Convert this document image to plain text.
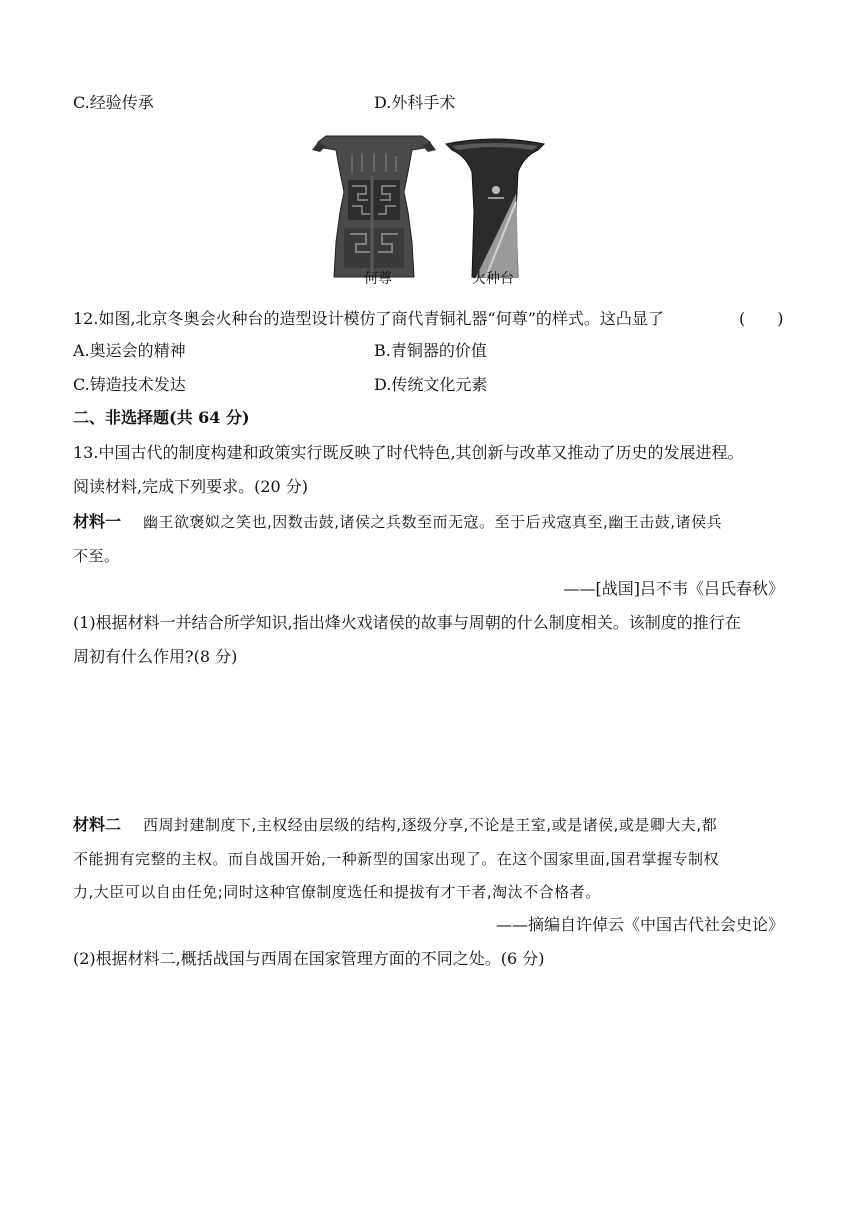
C.经验传承	D.外科手术
何尊	火种台
12.如图,北京冬奥会火种台的造型设计模仿了商代青铜礼器“何尊”的样式。这凸显了	(　　)
A.奥运会的精神	B.青铜器的价值
C.铸造技术发达	D.传统文化元素
二、非选择题(共 64 分)
13.中国古代的制度构建和政策实行既反映了时代特色,其创新与改革又推动了历史的发展进程。
阅读材料,完成下列要求。(20 分)
材料一 幽王欲褒姒之笑也,因数击鼓,诸侯之兵数至而无寇。至于后戎寇真至,幽王击鼓,诸侯兵
不至。
——[战国]吕不韦《吕氏春秋》
(1)根据材料一并结合所学知识,指出烽火戏诸侯的故事与周朝的什么制度相关。该制度的推行在
周初有什么作用?(8 分)
材料二 西周封建制度下,主权经由层级的结构,逐级分享,不论是王室,或是诸侯,或是卿大夫,都
不能拥有完整的主权。而自战国开始,一种新型的国家出现了。在这个国家里面,国君掌握专制权
力,大臣可以自由任免;同时这种官僚制度选任和提拔有才干者,淘汰不合格者。
——摘编自许倬云《中国古代社会史论》
(2)根据材料二,概括战国与西周在国家管理方面的不同之处。(6 分)
